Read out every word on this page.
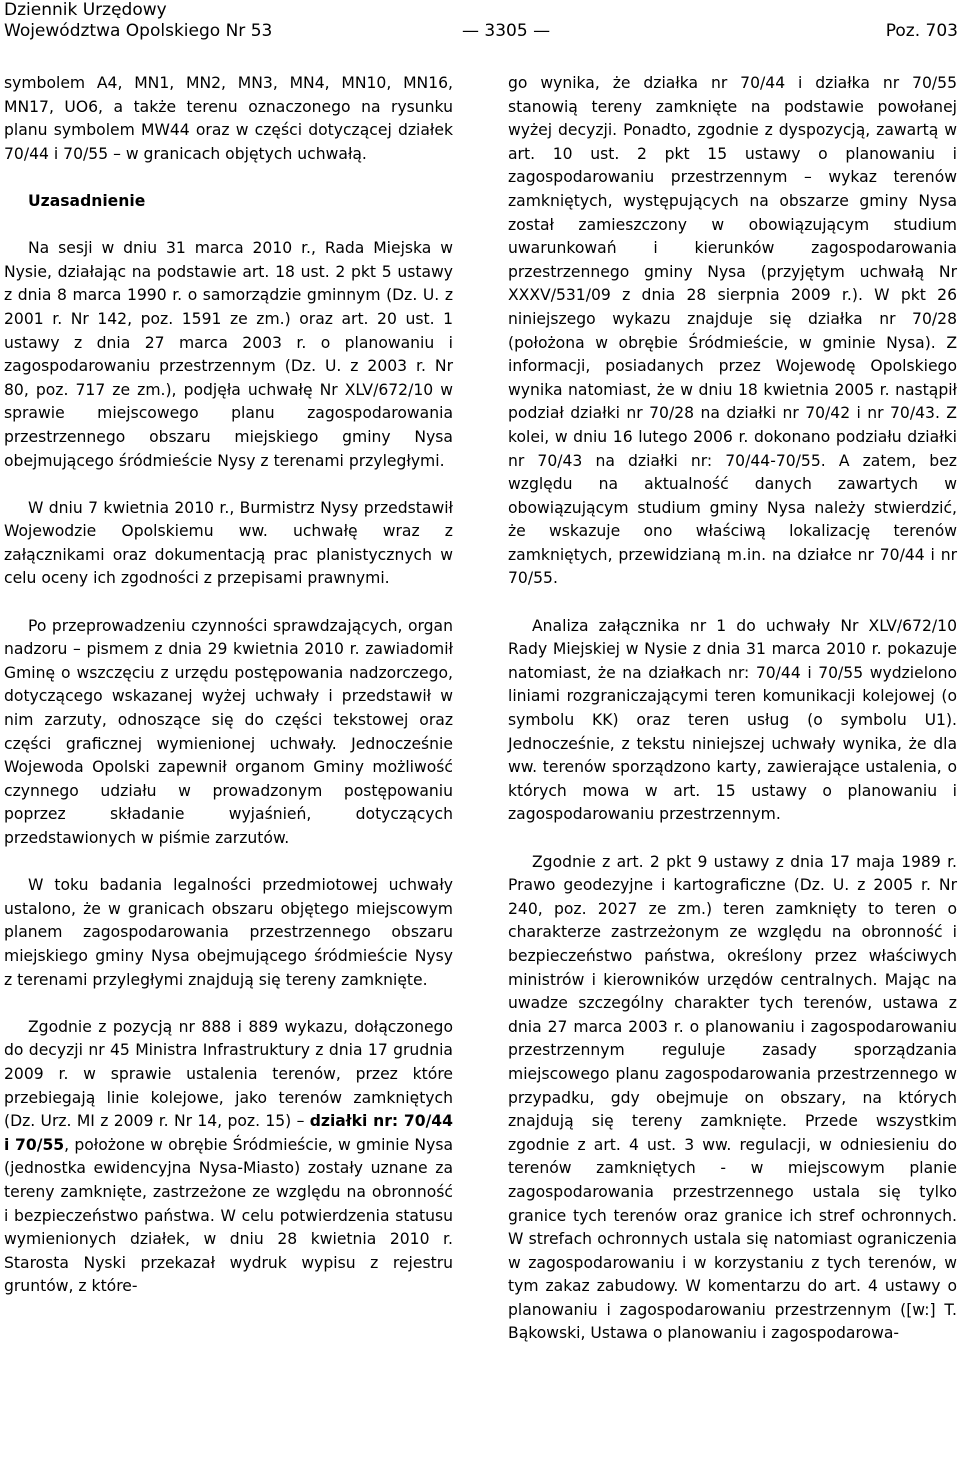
Dziennik Urzędowy
Województwa Opolskiego Nr 53	— 3305 —	Poz. 703

symbolem A4, MN1, MN2, MN3, MN4, MN10, MN16, MN17, UO6, a także terenu oznaczonego na rysunku planu symbolem MW44 oraz w części dotyczącej działek 70/44 i 70/55 – w granicach objętych uchwałą.

Uzasadnienie

Na sesji w dniu 31 marca 2010 r., Rada Miejska w Nysie, działając na podstawie art. 18 ust. 2 pkt 5 ustawy z dnia 8 marca 1990 r. o samorządzie gminnym (Dz. U. z 2001 r. Nr 142, poz. 1591 ze zm.) oraz art. 20 ust. 1 ustawy z dnia 27 marca 2003 r. o planowaniu i zagospodarowaniu przestrzennym (Dz. U. z 2003 r. Nr 80, poz. 717 ze zm.), podjęła uchwałę Nr XLV/672/10 w sprawie miejscowego planu zagospodarowania przestrzennego obszaru miejskiego gminy Nysa obejmującego śródmieście Nysy z terenami przyległymi.

W dniu 7 kwietnia 2010 r., Burmistrz Nysy przedstawił Wojewodzie Opolskiemu ww. uchwałę wraz z załącznikami oraz dokumentacją prac planistycznych w celu oceny ich zgodności z przepisami prawnymi.

Po przeprowadzeniu czynności sprawdzających, organ nadzoru – pismem z dnia 29 kwietnia 2010 r. zawiadomił Gminę o wszczęciu z urzędu postępowania nadzorczego, dotyczącego wskazanej wyżej uchwały i przedstawił w nim zarzuty, odnoszące się do części tekstowej oraz części graficznej wymienionej uchwały. Jednocześnie Wojewoda Opolski zapewnił organom Gminy możliwość czynnego udziału w prowadzonym postępowaniu poprzez składanie wyjaśnień, dotyczących przedstawionych w piśmie zarzutów.

W toku badania legalności przedmiotowej uchwały ustalono, że w granicach obszaru objętego miejscowym planem zagospodarowania przestrzennego obszaru miejskiego gminy Nysa obejmującego śródmieście Nysy z terenami przyległymi znajdują się tereny zamknięte.

Zgodnie z pozycją nr 888 i 889 wykazu, dołączonego do decyzji nr 45 Ministra Infrastruktury z dnia 17 grudnia 2009 r. w sprawie ustalenia terenów, przez które przebiegają linie kolejowe, jako terenów zamkniętych (Dz. Urz. MI z 2009 r. Nr 14, poz. 15) – działki nr: 70/44 i 70/55, położone w obrębie Śródmieście, w gminie Nysa (jednostka ewidencyjna Nysa-Miasto) zostały uznane za tereny zamknięte, zastrzeżone ze względu na obronność i bezpieczeństwo państwa. W celu potwierdzenia statusu wymienionych działek, w dniu 28 kwietnia 2010 r. Starosta Nyski przekazał wydruk wypisu z rejestru gruntów, z które-

go wynika, że działka nr 70/44 i działka nr 70/55 stanowią tereny zamknięte na podstawie powołanej wyżej decyzji. Ponadto, zgodnie z dyspozycją, zawartą w art. 10 ust. 2 pkt 15 ustawy o planowaniu i zagospodarowaniu przestrzennym – wykaz terenów zamkniętych, występujących na obszarze gminy Nysa został zamieszczony w obowiązującym studium uwarunkowań i kierunków zagospodarowania przestrzennego gminy Nysa (przyjętym uchwałą Nr XXXV/531/09 z dnia 28 sierpnia 2009 r.). W pkt 26 niniejszego wykazu znajduje się działka nr 70/28 (położona w obrębie Śródmieście, w gminie Nysa). Z informacji, posiadanych przez Wojewodę Opolskiego wynika natomiast, że w dniu 18 kwietnia 2005 r. nastąpił podział działki nr 70/28 na działki nr 70/42 i nr 70/43. Z kolei, w dniu 16 lutego 2006 r. dokonano podziału działki nr 70/43 na działki nr: 70/44-70/55. A zatem, bez względu na aktualność danych zawartych w obowiązującym studium gminy Nysa należy stwierdzić, że wskazuje ono właściwą lokalizację terenów zamkniętych, przewidzianą m.in. na działce nr 70/44 i nr 70/55.

Analiza załącznika nr 1 do uchwały Nr XLV/672/10 Rady Miejskiej w Nysie z dnia 31 marca 2010 r. pokazuje natomiast, że na działkach nr: 70/44 i 70/55 wydzielono liniami rozgraniczającymi teren komunikacji kolejowej (o symbolu KK) oraz teren usług (o symbolu U1). Jednocześnie, z tekstu niniejszej uchwały wynika, że dla ww. terenów sporządzono karty, zawierające ustalenia, o których mowa w art. 15 ustawy o planowaniu i zagospodarowaniu przestrzennym.

Zgodnie z art. 2 pkt 9 ustawy z dnia 17 maja 1989 r. Prawo geodezyjne i kartograficzne (Dz. U. z 2005 r. Nr 240, poz. 2027 ze zm.) teren zamknięty to teren o charakterze zastrzeżonym ze względu na obronność i bezpieczeństwo państwa, określony przez właściwych ministrów i kierowników urzędów centralnych. Mając na uwadze szczególny charakter tych terenów, ustawa z dnia 27 marca 2003 r. o planowaniu i zagospodarowaniu przestrzennym reguluje zasady sporządzania miejscowego planu zagospodarowania przestrzennego w przypadku, gdy obejmuje on obszary, na których znajdują się tereny zamknięte. Przede wszystkim zgodnie z art. 4 ust. 3 ww. regulacji, w odniesieniu do terenów zamkniętych - w miejscowym planie zagospodarowania przestrzennego ustala się tylko granice tych terenów oraz granice ich stref ochronnych. W strefach ochronnych ustala się natomiast ograniczenia w zagospodarowaniu i w korzystaniu z tych terenów, w tym zakaz zabudowy. W komentarzu do art. 4 ustawy o planowaniu i zagospodarowaniu przestrzennym ([w:] T. Bąkowski, Ustawa o planowaniu i zagospodarowa-
